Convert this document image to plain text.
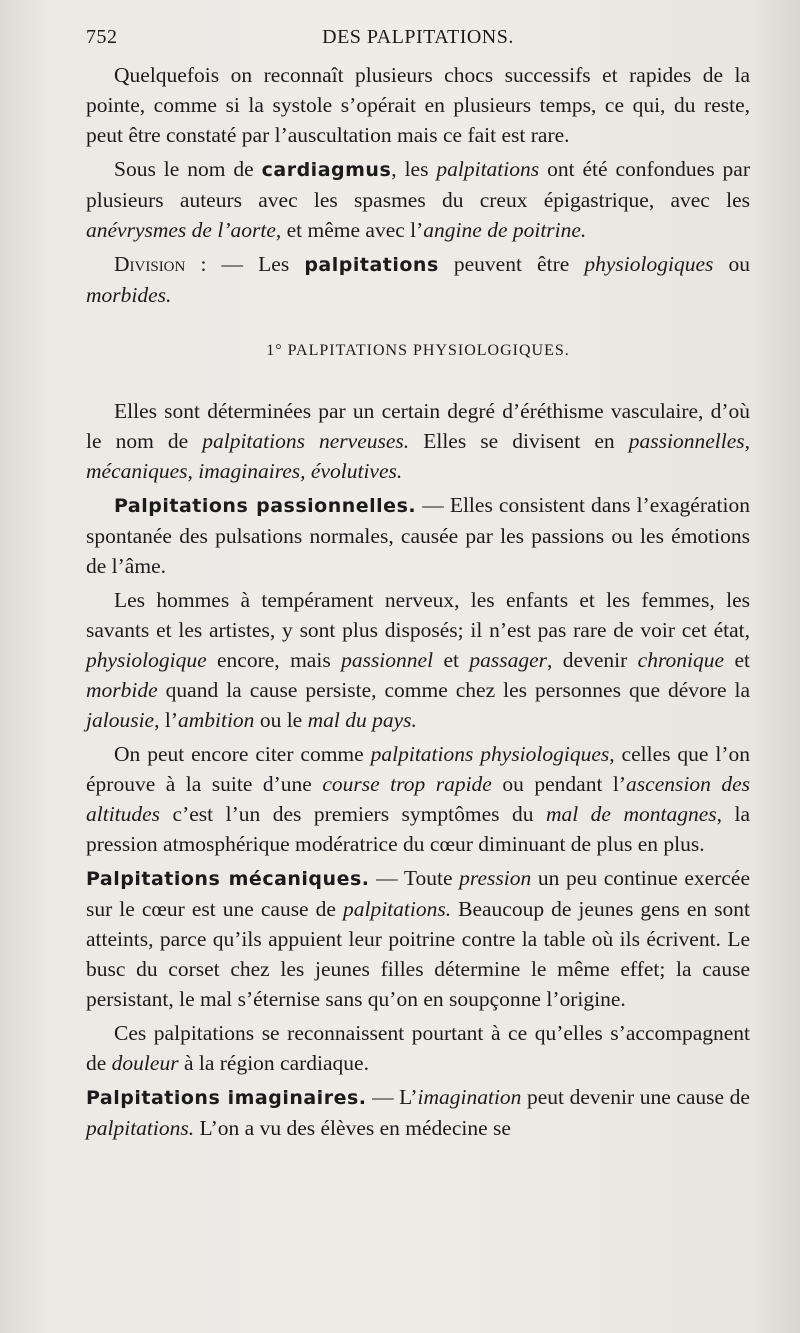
752	DES PALPITATIONS.

Quelquefois on reconnaît plusieurs chocs successifs et rapides de la pointe, comme si la systole s’opérait en plusieurs temps, ce qui, du reste, peut être constaté par l’auscultation mais ce fait est rare.

Sous le nom de cardiagmus, les palpitations ont été confondues par plusieurs auteurs avec les spasmes du creux épigastrique, avec les anévrysmes de l’aorte, et même avec l’angine de poitrine.

Division : — Les palpitations peuvent être physiologiques ou morbides.

1° PALPITATIONS PHYSIOLOGIQUES.

Elles sont déterminées par un certain degré d’éréthisme vasculaire, d’où le nom de palpitations nerveuses. Elles se divisent en passionnelles, mécaniques, imaginaires, évolutives.

Palpitations passionnelles. — Elles consistent dans l’exagération spontanée des pulsations normales, causée par les passions ou les émotions de l’âme.

Les hommes à tempérament nerveux, les enfants et les femmes, les savants et les artistes, y sont plus disposés; il n’est pas rare de voir cet état, physiologique encore, mais passionnel et passager, devenir chronique et morbide quand la cause persiste, comme chez les personnes que dévore la jalousie, l’ambition ou le mal du pays.

On peut encore citer comme palpitations physiologiques, celles que l’on éprouve à la suite d’une course trop rapide ou pendant l’ascension des altitudes c’est l’un des premiers symptômes du mal de montagnes, la pression atmosphérique modératrice du cœur diminuant de plus en plus.

Palpitations mécaniques. — Toute pression un peu continue exercée sur le cœur est une cause de palpitations. Beaucoup de jeunes gens en sont atteints, parce qu’ils appuient leur poitrine contre la table où ils écrivent. Le busc du corset chez les jeunes filles détermine le même effet; la cause persistant, le mal s’éternise sans qu’on en soupçonne l’origine.

Ces palpitations se reconnaissent pourtant à ce qu’elles s’accompagnent de douleur à la région cardiaque.

Palpitations imaginaires. — L’imagination peut devenir une cause de palpitations. L’on a vu des élèves en médecine se
